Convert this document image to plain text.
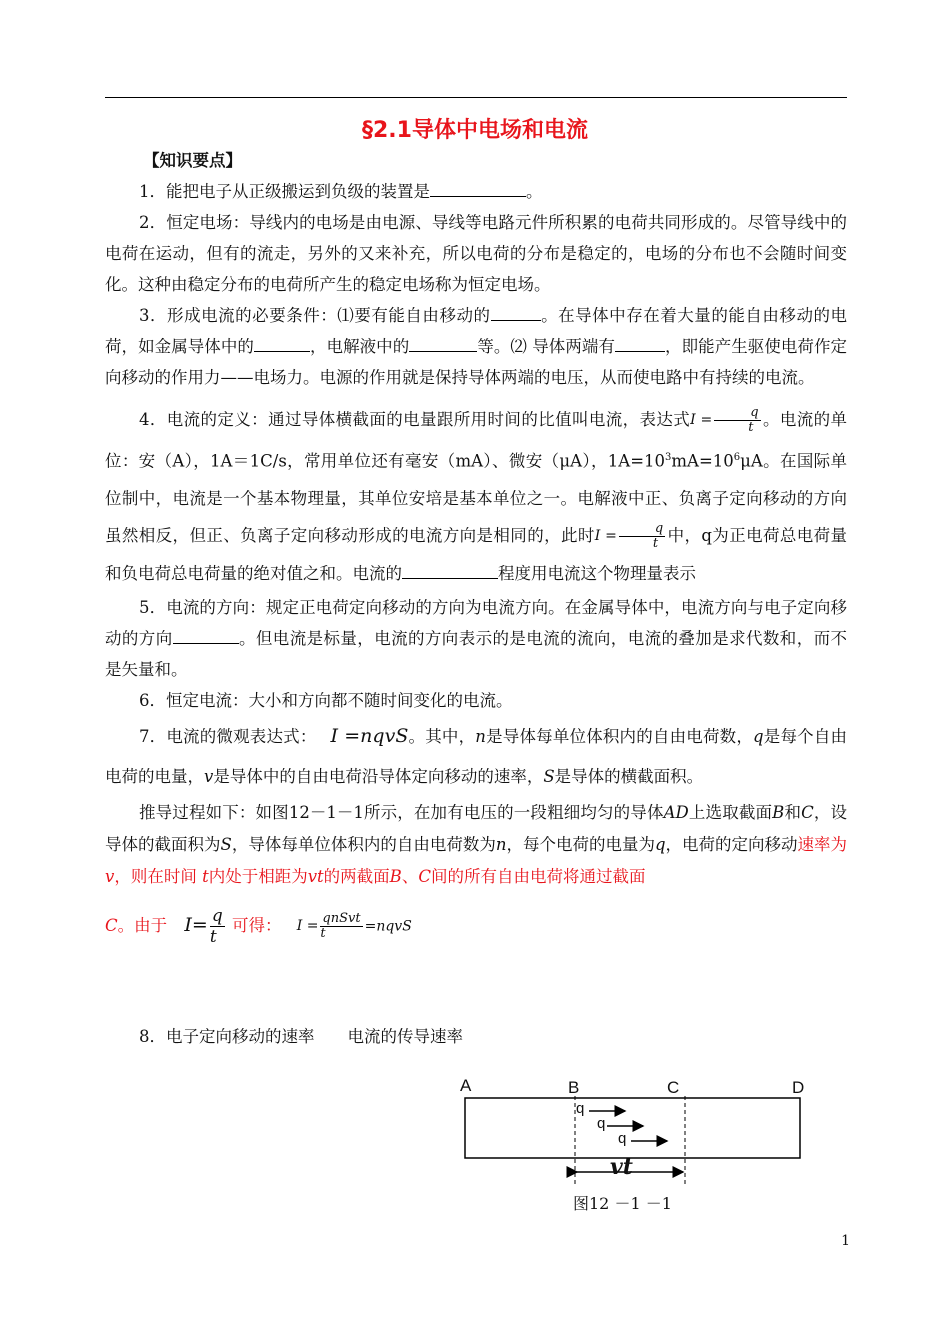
§2.1导体中电场和电流

【知识要点】

1．能把电子从正级搬运到负级的装置是	。

2．恒定电场：导线内的电场是由电源、导线等电路元件所积累的电荷共同形成的。尽管导线中的电荷在运动，但有的流走，另外的又来补充，所以电荷的分布是稳定的，电场的分布也不会随时间变化。这种由稳定分布的电荷所产生的稳定电场称为恒定电场。

3．形成电流的必要条件：⑴要有能自由移动的	。在导体中存在着大量的能自由移动的电荷，如金属导体中的	，电解液中的	等。⑵ 导体两端有	，即能产生驱使电荷作定向移动的作用力——电场力。电源的作用就是保持导体两端的电压，从而使电路中有持续的电流。

4．电流的定义：通过导体横截面的电量跟所用时间的比值叫电流，表达式$I = \frac{q}{t}$ 。电流的单位：安（A），1A＝1C/s，常用单位还有毫安（mA）、微安（μA），$1A=10^3mA=10^6\mu A$。在国际单位制中，电流是一个基本物理量，其单位安培是基本单位之一。电解液中正、负离子定向移动的方向虽然相反，但正、负离子定向移动形成的电流方向是相同的，此时$I = \frac{q}{t}$ 中，q为正电荷总电荷量和负电荷总电荷量的绝对值之和。电流的	程度用电流这个物理量表示

5．电流的方向：规定正电荷定向移动的方向为电流方向。在金属导体中，电流方向与电子定向移动的方向	。但电流是标量，电流的方向表示的是电流的流向，电流的叠加是求代数和，而不是矢量和。

6．恒定电流：大小和方向都不随时间变化的电流。

7．电流的微观表达式： I =nqvS。其中，n是导体每单位体积内的自由电荷数，q是每个自由电荷的电量，v是导体中的自由电荷沿导体定向移动的速率，S是导体的横截面积。

推导过程如下：如图12－1－1所示，在加有电压的一段粗细均匀的导体AD上选取截面B和C，设导体的截面积为S，导体每单位体积内的自由电荷数为n，每个电荷的电量为q，电荷的定向移动速率为v，则在时间 t内处于相距为vt的两截面B、C间的所有自由电荷将通过截面

C。由于 $I= \frac{q}{t}$ 可得： $I = \frac{\text{qnSvt}}{t}$ =nqvS

8．电子定向移动的速率　　电流的传导速率

A	B	C	D
q
q
q
vt
图12 －1 －1
1
